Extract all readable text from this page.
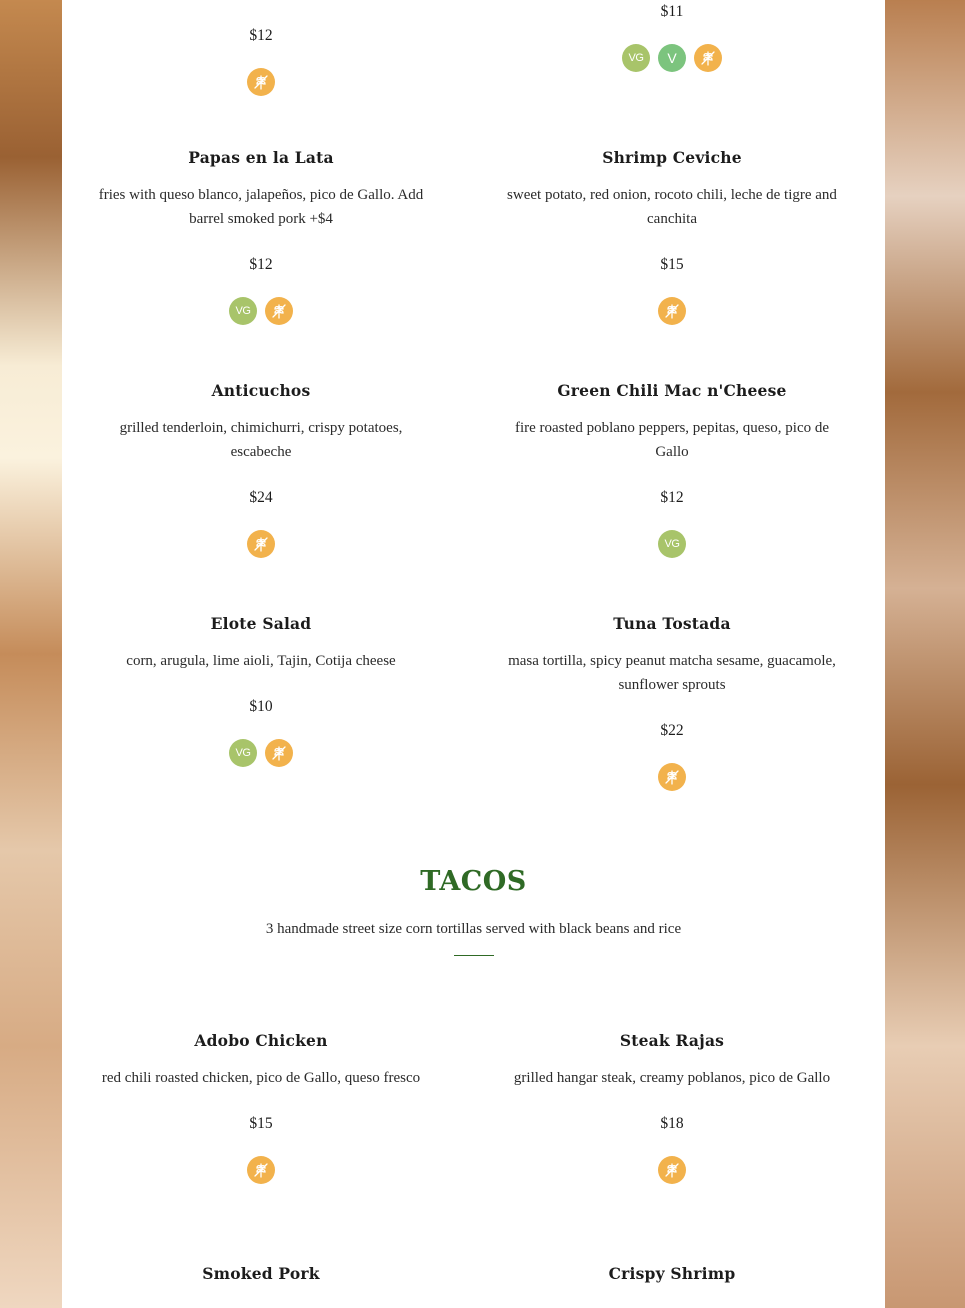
$12

$11

VG	V

Papas en la Lata

fries with queso blanco, jalapeños, pico de Gallo. Add barrel smoked pork +$4

$12

VG

Shrimp Ceviche

sweet potato, red onion, rocoto chili, leche de tigre and canchita

$15

Anticuchos

grilled tenderloin, chimichurri, crispy potatoes, escabeche

$24

Green Chili Mac n'Cheese

fire roasted poblano peppers, pepitas, queso, pico de Gallo

$12

VG

Elote Salad

corn, arugula, lime aioli, Tajin, Cotija cheese

$10

VG

Tuna Tostada

masa tortilla, spicy peanut matcha sesame, guacamole, sunflower sprouts

$22

TACOS

3 handmade street size corn tortillas served with black beans and rice

Adobo Chicken

red chili roasted chicken, pico de Gallo, queso fresco

$15

Steak Rajas

grilled hangar steak, creamy poblanos, pico de Gallo

$18

Smoked Pork	Crispy Shrimp
